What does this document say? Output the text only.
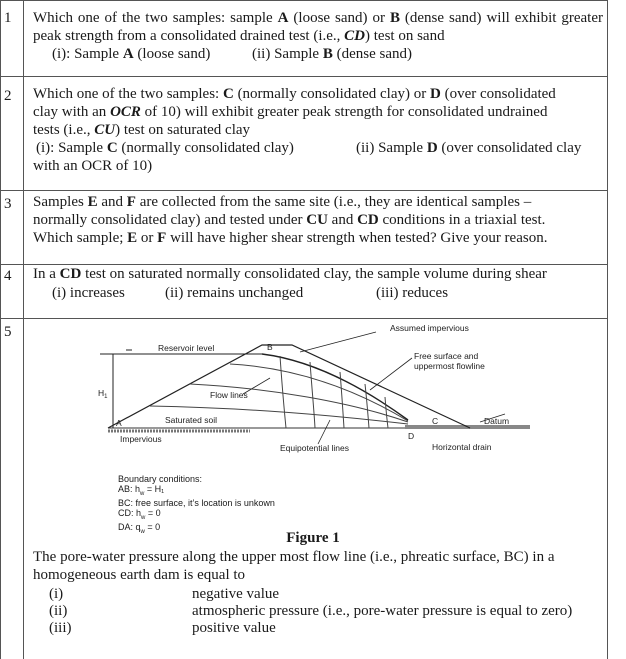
1 Which one of the two samples: sample A (loose sand) or B (dense sand) will exhibit greater peak strength from a consolidated drained test (i.e., CD) test on sand
(i): Sample A (loose sand)	(ii) Sample B (dense sand)
2 Which one of the two samples: C (normally consolidated clay) or D (over consolidated
clay with an OCR of 10) will exhibit greater peak strength for consolidated undrained
tests (i.e., CU) test on saturated clay
(i): Sample C (normally consolidated clay)	(ii) Sample D (over consolidated clay
with an OCR of 10)
3 Samples E and F are collected from the same site (i.e., they are identical samples –
normally consolidated clay) and tested under CU and CD conditions in a triaxial test.
Which sample; E or F will have higher shear strength when tested? Give your reason.
4 In a CD test on saturated normally consolidated clay, the sample volume during shear
(i) increases	(ii) remains unchanged	(iii) reduces
5	Assumed impervious
Reservoir level	B
Free surface and
uppermost flowline
$H_1$	Flow lines
Saturated soil
A	C	Datum
D
Impervious
Equipotential lines	Horizontal drain
Boundary conditions:
AB: $h_w = H_1$
BC: free surface, it’s location is unkown
CD: $h_w = 0$
DA: $q_w = 0$
Figure 1
The pore-water pressure along the upper most flow line (i.e., phreatic surface, BC) in a homogeneous earth dam is equal to
(i)	negative value
(ii)	atmospheric pressure (i.e., pore-water pressure is equal to zero)
(iii)	positive value
